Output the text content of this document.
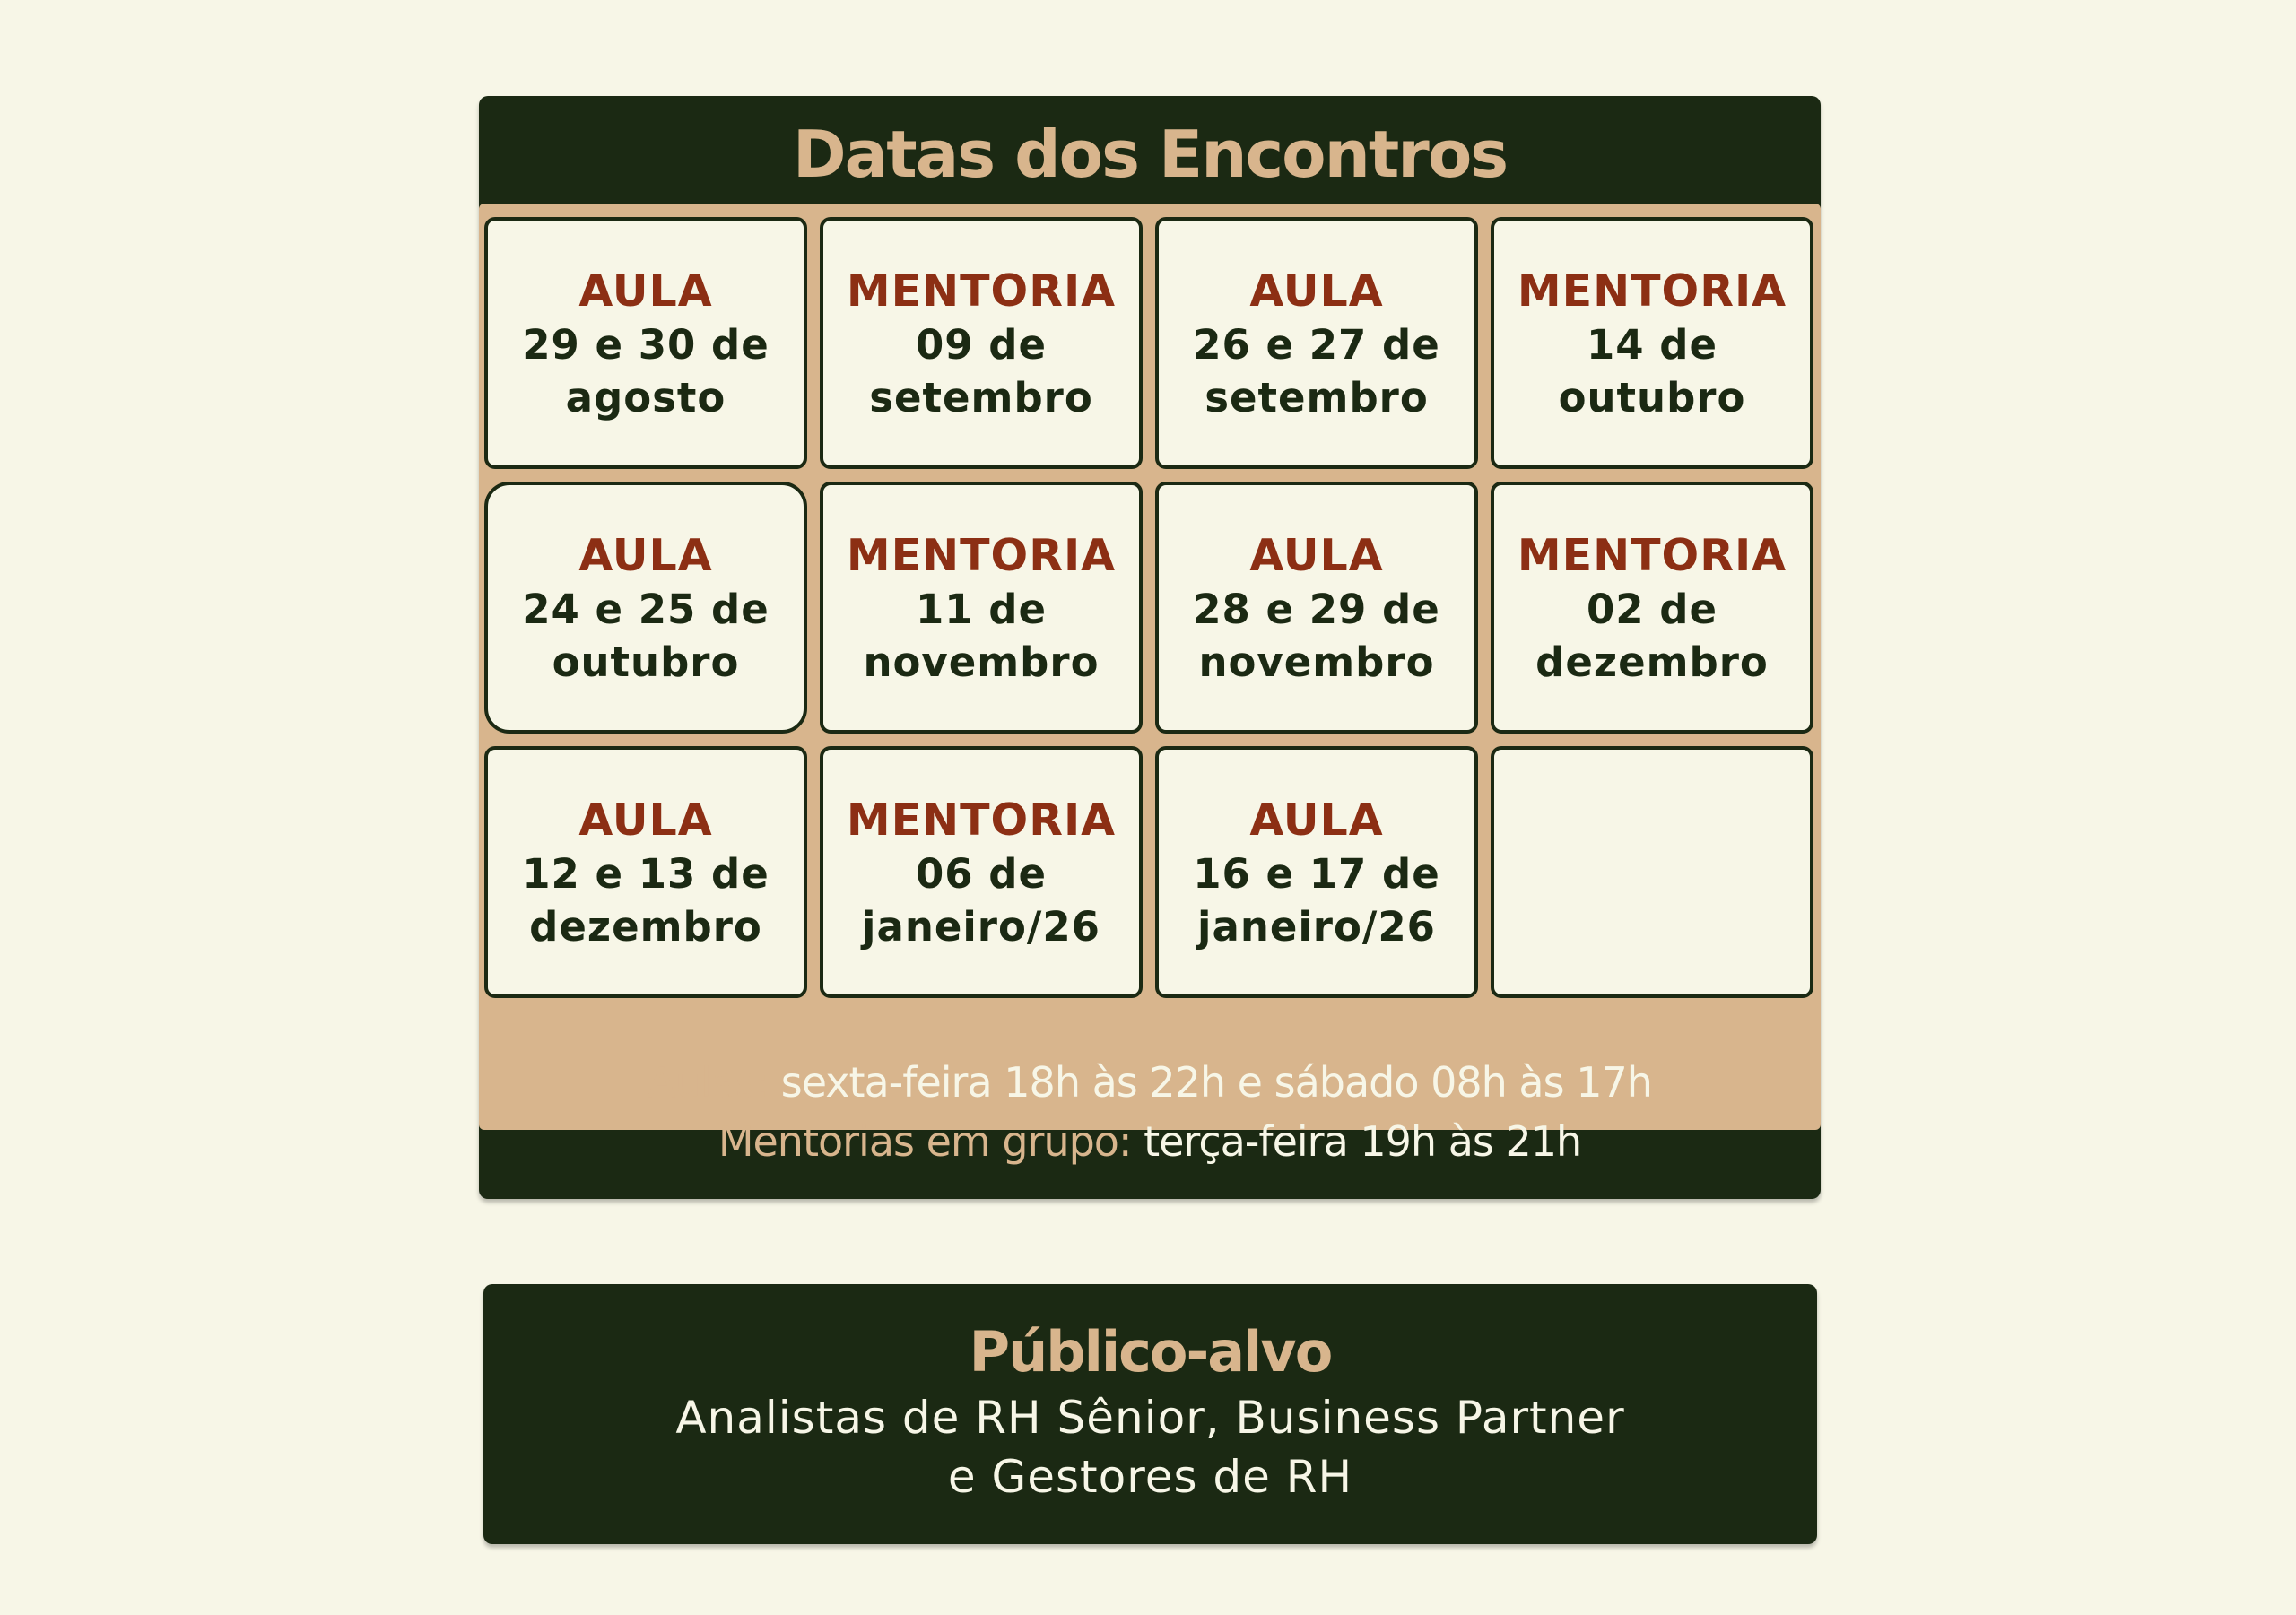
Datas dos Encontros
AULA
29 e 30 de
agosto
MENTORIA
09 de
setembro
AULA
26 e 27 de
setembro
MENTORIA
14 de
outubro
AULA
24 e 25 de
outubro
MENTORIA
11 de
novembro
AULA
28 e 29 de
novembro
MENTORIA
02 de
dezembro
AULA
12 e 13 de
dezembro
MENTORIA
06 de
janeiro/26
AULA
16 e 17 de
janeiro/26
Aulas: sexta-feira 18h às 22h e sábado 08h às 17h
Mentorias em grupo: terça-feira 19h às 21h
Público-alvo
Analistas de RH Sênior, Business Partner
e Gestores de RH
